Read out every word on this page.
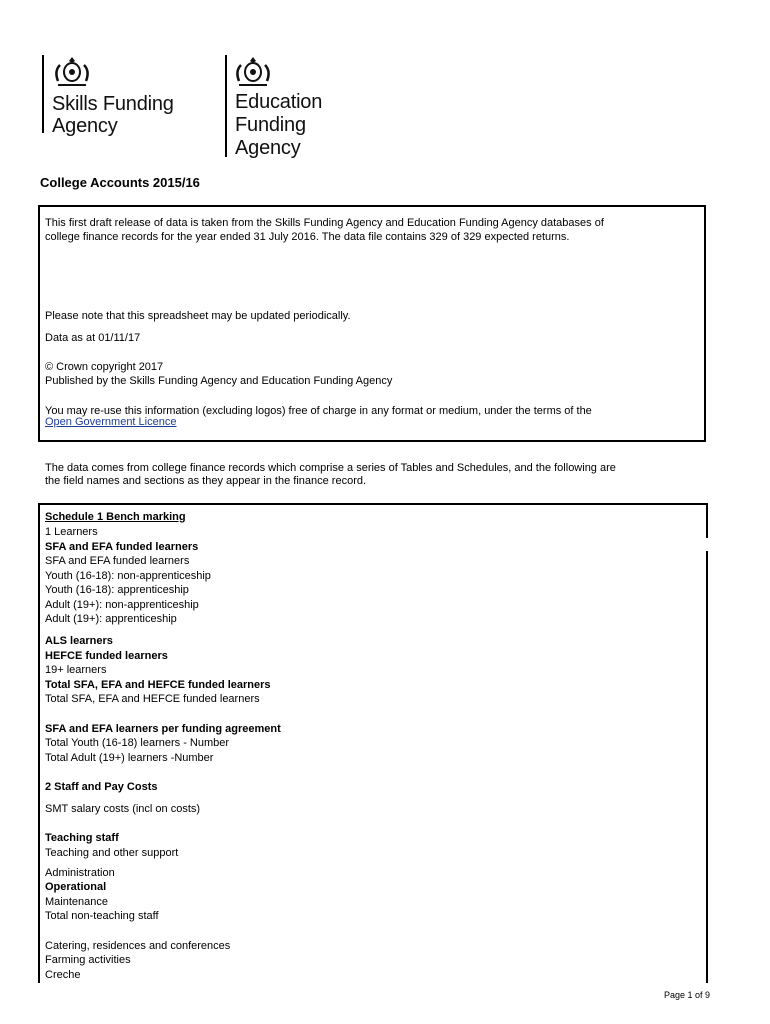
Skills Funding
Agency
Education
Funding
Agency
College Accounts 2015/16
This first draft release of data is taken from the Skills Funding Agency and Education Funding Agency databases of
college finance records for the year ended 31 July 2016. The data file contains 329 of 329 expected returns.
Please note that this spreadsheet may be updated periodically.
Data as at 01/11/17
© Crown copyright 2017
Published by the Skills Funding Agency and Education Funding Agency
You may re-use this information (excluding logos) free of charge in any format or medium, under the terms of the
Open Government Licence
The data comes from college finance records which comprise a series of Tables and Schedules, and the following are
the field names and sections as they appear in the finance record.
Schedule 1 Bench marking
1 Learners
SFA and EFA funded learners
SFA and EFA funded learners
Youth (16-18): non-apprenticeship
Youth (16-18): apprenticeship
Adult (19+): non-apprenticeship
Adult (19+): apprenticeship
ALS learners
HEFCE funded learners
19+ learners
Total SFA, EFA and HEFCE funded learners
Total SFA, EFA and HEFCE funded learners
SFA and EFA learners per funding agreement
Total Youth (16-18) learners - Number
Total Adult (19+) learners -Number
2 Staff and Pay Costs
SMT salary costs (incl on costs)
Teaching staff
Teaching and other support
Administration
Operational
Maintenance
Total non-teaching staff
Catering, residences and conferences
Farming activities
Creche
Page 1 of 9
